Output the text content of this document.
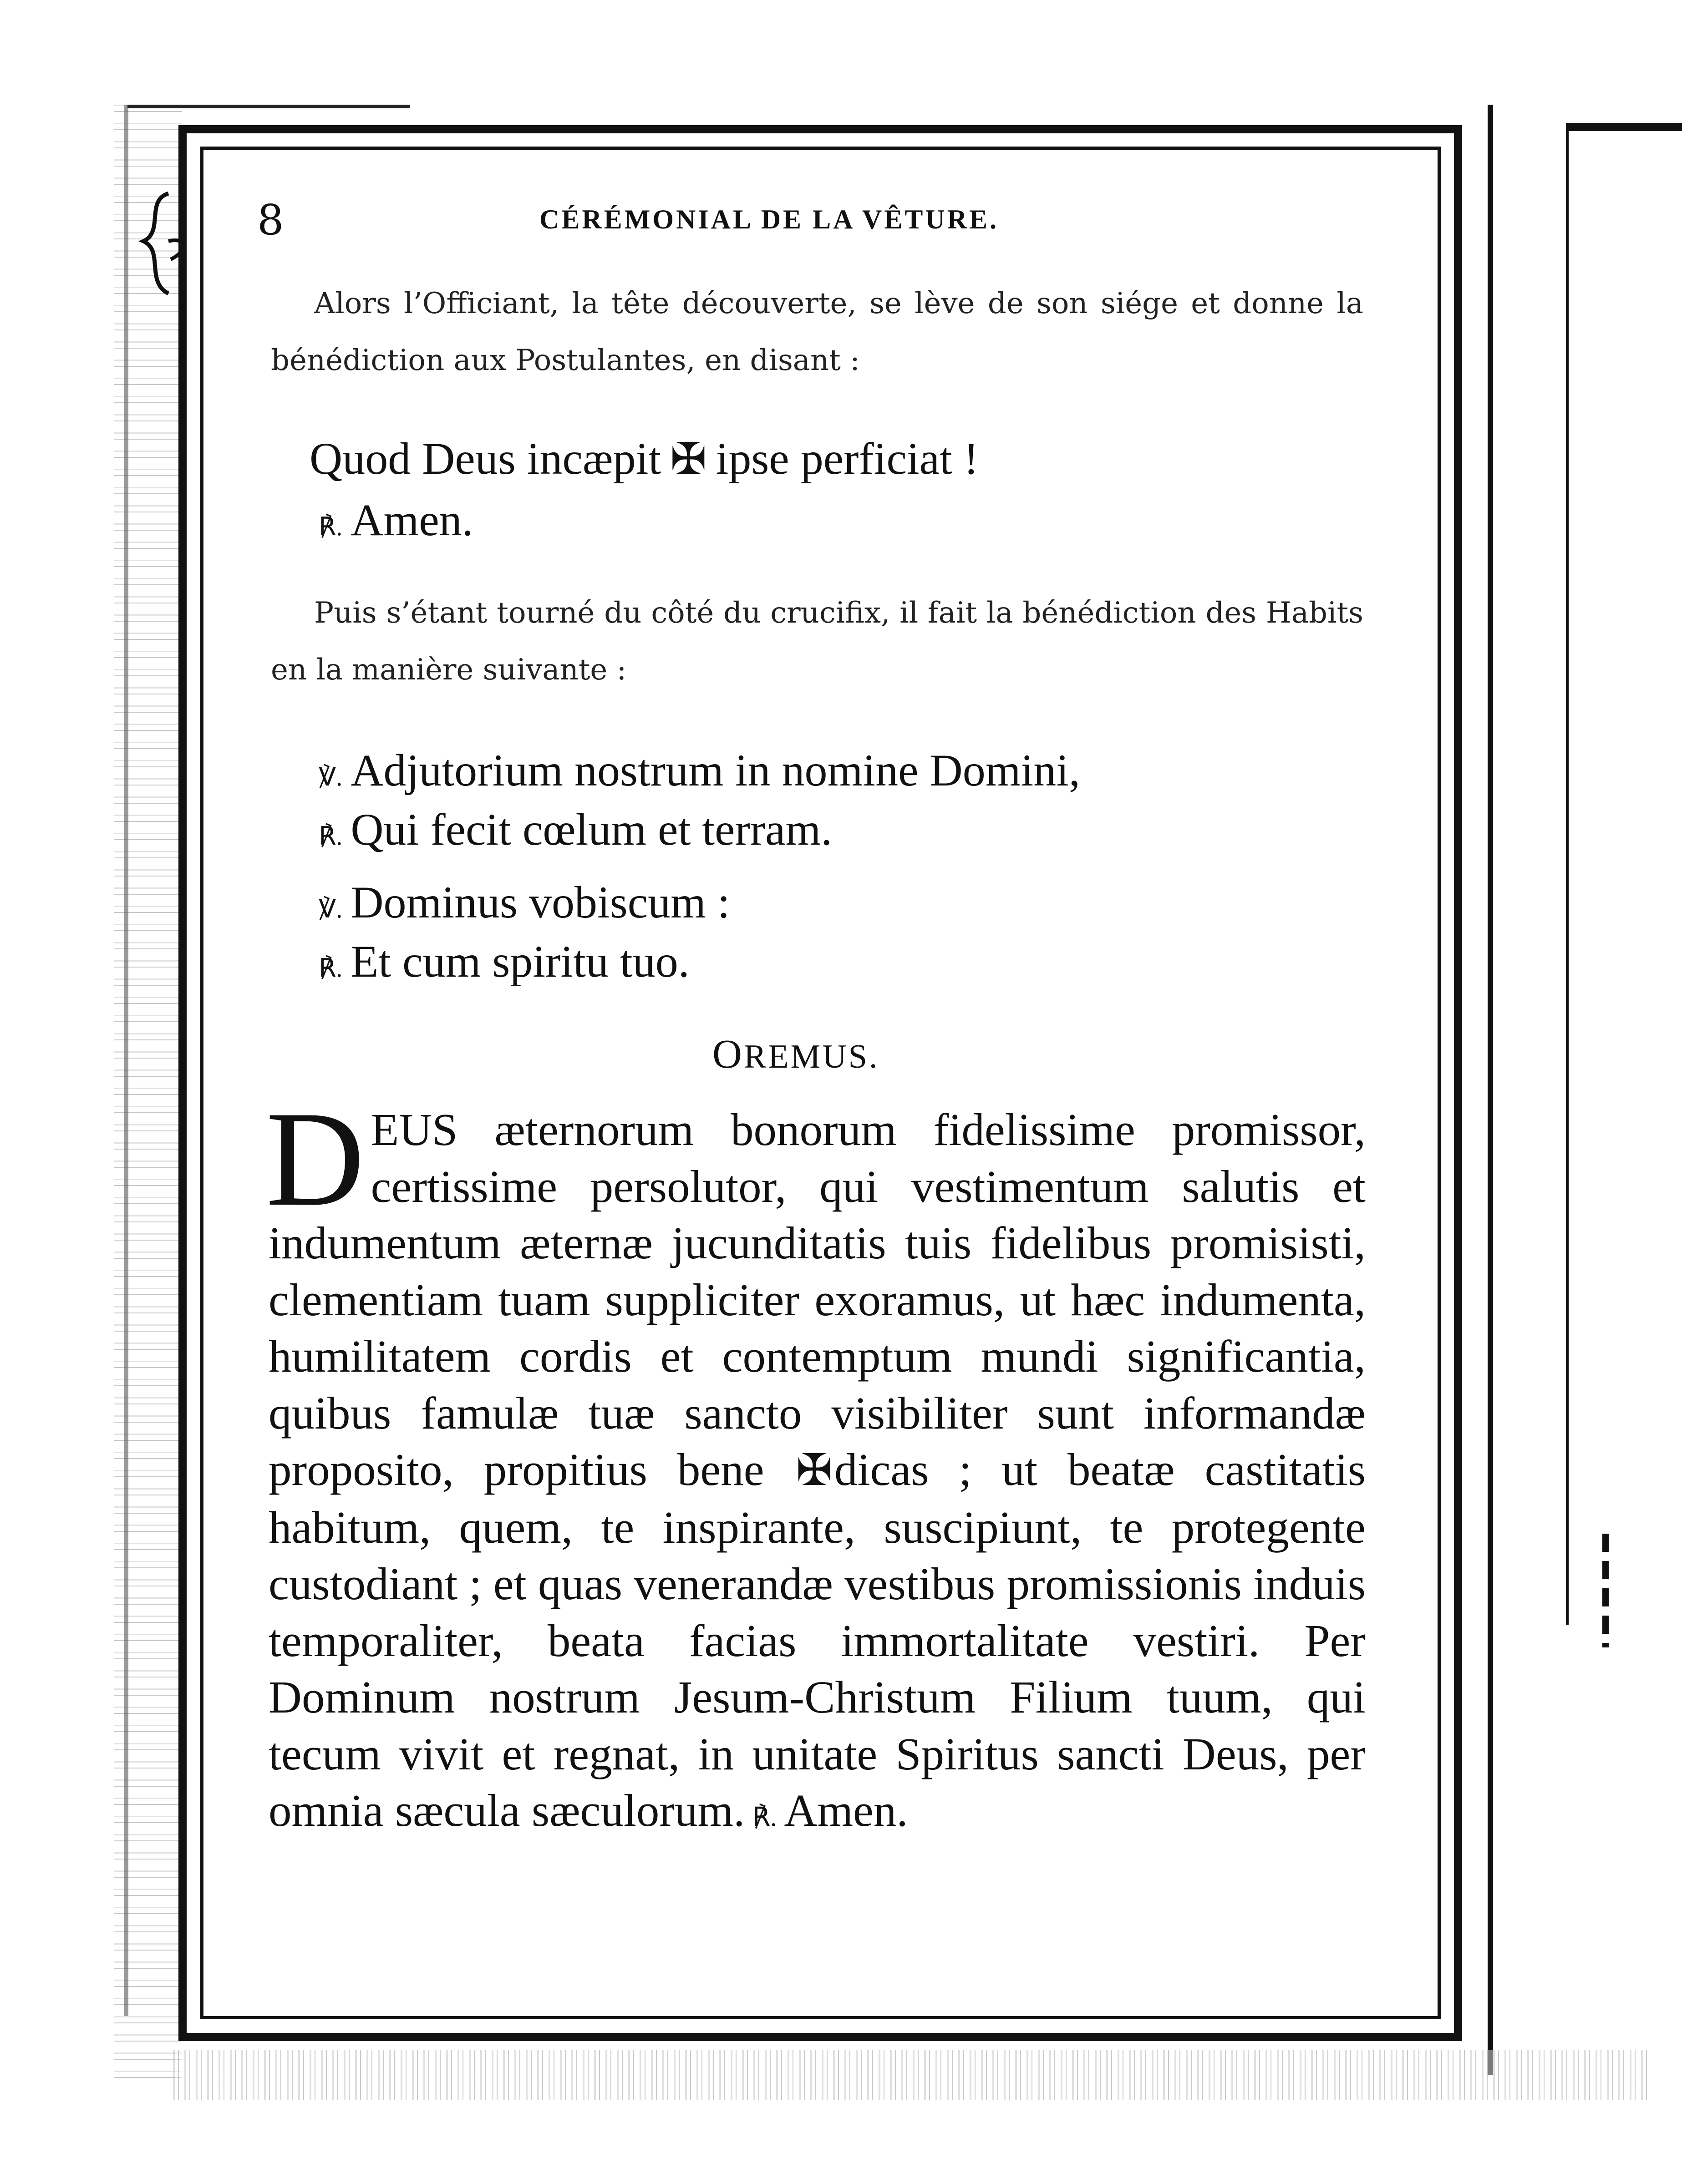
8	CÉRÉMONIAL DE LA VÊTURE.
Alors l’Officiant, la tête découverte, se lève de son siége et donne la bénédiction aux Postulantes, en disant :
Quod Deus incæpit ✠ ipse perficiat !
℟. Amen.
Puis s’étant tourné du côté du crucifix, il fait la bénédiction des Habits en la manière suivante :
℣. Adjutorium nostrum in nomine Domini,
℟. Qui fecit cœlum et terram.
℣. Dominus vobiscum :
℟. Et cum spiritu tuo.
OREMUS.
DEUS æternorum bonorum fidelissime promissor, certissime persolutor, qui vestimentum salutis et indumentum æternæ jucunditatis tuis fidelibus promisisti, clementiam tuam suppliciter exoramus, ut hæc indumenta, humilitatem cordis et contemptum mundi significantia, quibus famulæ tuæ sancto visibiliter sunt informandæ proposito, propitius bene ✠dicas ; ut beatæ castitatis habitum, quem, te inspirante, suscipiunt, te protegente custodiant ; et quas venerandæ vestibus promissionis induis temporaliter, beata facias immortalitate vestiri. Per Dominum nostrum Jesum-Christum Filium tuum, qui tecum vivit et regnat, in unitate Spiritus sancti Deus, per omnia sæcula sæculorum. ℟. Amen.
